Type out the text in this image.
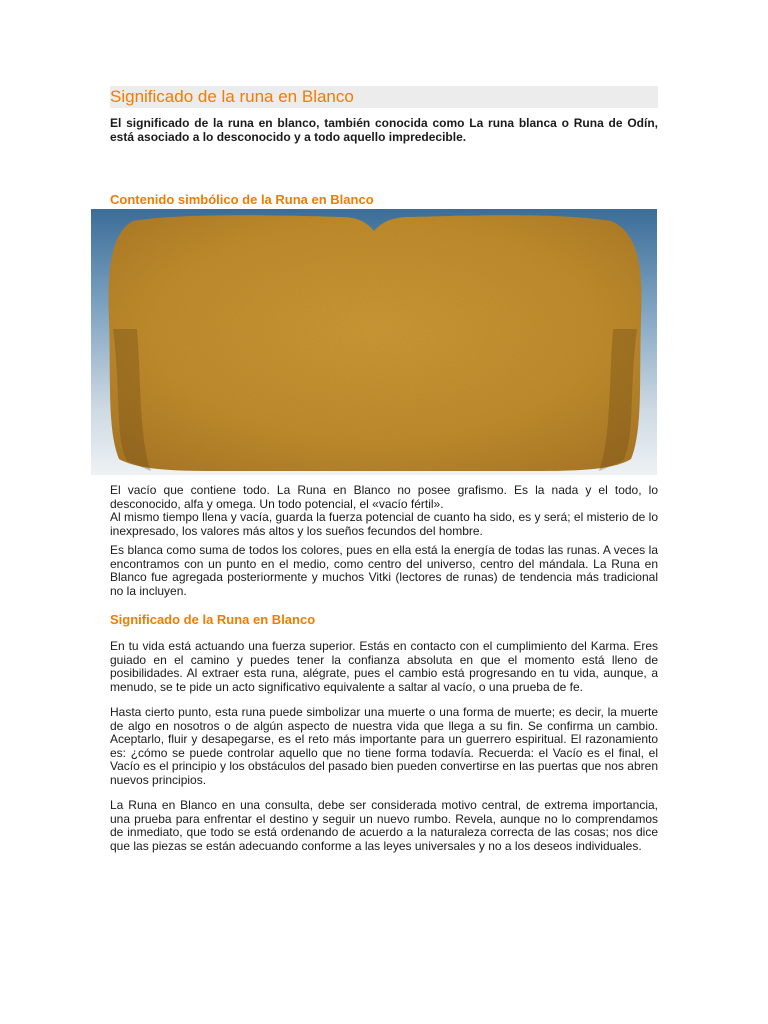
Significado de la runa en Blanco

El significado de la runa en blanco, también conocida como La runa blanca o Runa de Odín, está asociado a lo desconocido y a todo aquello impredecible.

Contenido simbólico de la Runa en Blanco

El vacío que contiene todo. La Runa en Blanco no posee grafismo. Es la nada y el todo, lo desconocido, alfa y omega. Un todo potencial, el «vacío fértil».

Al mismo tiempo llena y vacía, guarda la fuerza potencial de cuanto ha sido, es y será; el misterio de lo inexpresado, los valores más altos y los sueños fecundos del hombre.

Es blanca como suma de todos los colores, pues en ella está la energía de todas las runas. A veces la encontramos con un punto en el medio, como centro del universo, centro del mándala. La Runa en Blanco fue agregada posteriormente y muchos Vitki (lectores de runas) de tendencia más tradicional no la incluyen.

Significado de la Runa en Blanco

En tu vida está actuando una fuerza superior. Estás en contacto con el cumplimiento del Karma. Eres guiado en el camino y puedes tener la confianza absoluta en que el momento está lleno de posibilidades. Al extraer esta runa, alégrate, pues el cambio está progresando en tu vida, aunque, a menudo, se te pide un acto significativo equivalente a saltar al vacío, o una prueba de fe.

Hasta cierto punto, esta runa puede simbolizar una muerte o una forma de muerte; es decir, la muerte de algo en nosotros o de algún aspecto de nuestra vida que llega a su fin. Se confirma un cambio. Aceptarlo, fluir y desapegarse, es el reto más importante para un guerrero espiritual. El razonamiento es: ¿cómo se puede controlar aquello que no tiene forma todavía. Recuerda: el Vacío es el final, el Vacío es el principio y los obstáculos del pasado bien pueden convertirse en las puertas que nos abren nuevos principios.

La Runa en Blanco en una consulta, debe ser considerada motivo central, de extrema importancia, una prueba para enfrentar el destino y seguir un nuevo rumbo. Revela, aunque no lo comprendamos de inmediato, que todo se está ordenando de acuerdo a la naturaleza correcta de las cosas; nos dice que las piezas se están adecuando conforme a las leyes universales y no a los deseos individuales.
